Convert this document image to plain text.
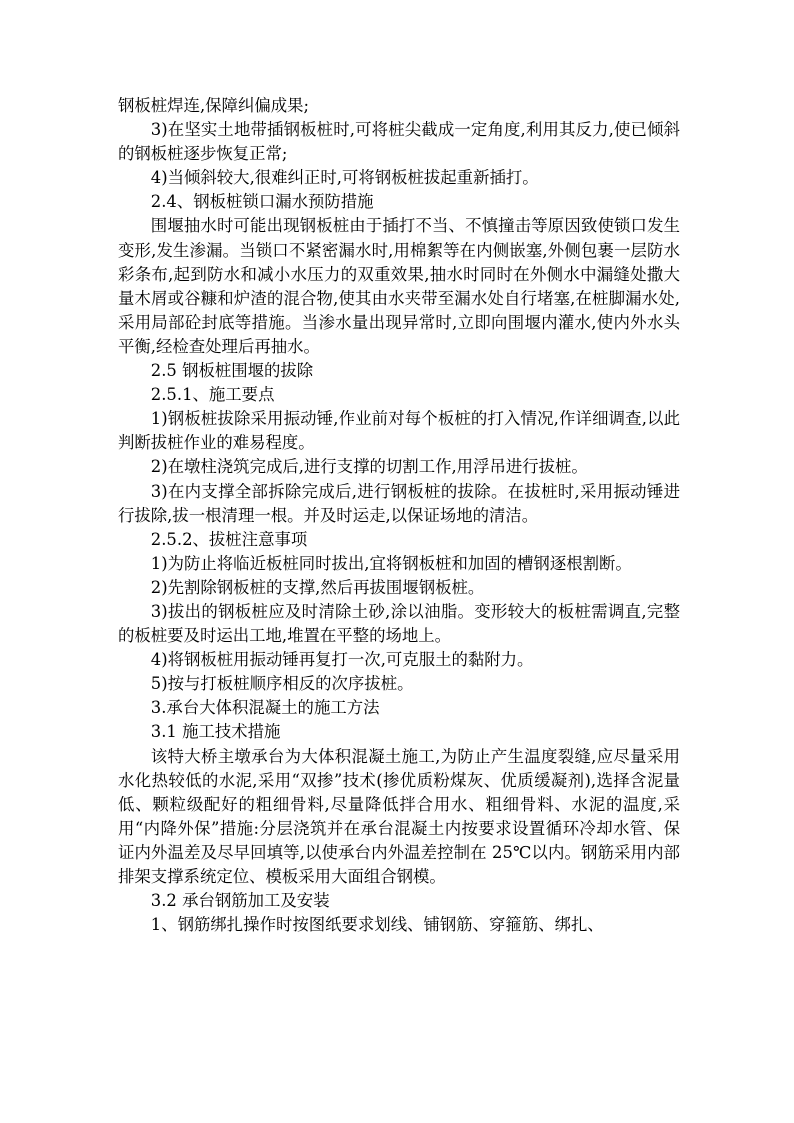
钢板桩焊连,保障纠偏成果;

3)在坚实土地带插钢板桩时,可将桩尖截成一定角度,利用其反力,使已倾斜的钢板桩逐步恢复正常;

4)当倾斜较大,很难纠正时,可将钢板桩拔起重新插打。

2.4、钢板桩锁口漏水预防措施

围堰抽水时可能出现钢板桩由于插打不当、不慎撞击等原因致使锁口发生变形,发生渗漏。当锁口不紧密漏水时,用棉絮等在内侧嵌塞,外侧包裹一层防水彩条布,起到防水和减小水压力的双重效果,抽水时同时在外侧水中漏缝处撒大量木屑或谷糠和炉渣的混合物,使其由水夹带至漏水处自行堵塞,在桩脚漏水处,采用局部砼封底等措施。当渗水量出现异常时,立即向围堰内灌水,使内外水头平衡,经检查处理后再抽水。

2.5 钢板桩围堰的拔除

2.5.1、施工要点

1)钢板桩拔除采用振动锤,作业前对每个板桩的打入情况,作详细调查,以此判断拔桩作业的难易程度。

2)在墩柱浇筑完成后,进行支撑的切割工作,用浮吊进行拔桩。

3)在内支撑全部拆除完成后,进行钢板桩的拔除。在拔桩时,采用振动锤进行拔除,拔一根清理一根。并及时运走,以保证场地的清洁。

2.5.2、拔桩注意事项

1)为防止将临近板桩同时拔出,宜将钢板桩和加固的槽钢逐根割断。

2)先割除钢板桩的支撑,然后再拔围堰钢板桩。

3)拔出的钢板桩应及时清除土砂,涂以油脂。变形较大的板桩需调直,完整的板桩要及时运出工地,堆置在平整的场地上。

4)将钢板桩用振动锤再复打一次,可克服土的黏附力。

5)按与打板桩顺序相反的次序拔桩。

3.承台大体积混凝土的施工方法

3.1 施工技术措施

该特大桥主墩承台为大体积混凝土施工,为防止产生温度裂缝,应尽量采用水化热较低的水泥,采用“双掺”技术(掺优质粉煤灰、优质缓凝剂),选择含泥量低、颗粒级配好的粗细骨料,尽量降低拌合用水、粗细骨料、水泥的温度,采用“内降外保”措施:分层浇筑并在承台混凝土内按要求设置循环冷却水管、保证内外温差及尽早回填等,以使承台内外温差控制在 25℃以内。钢筋采用内部排架支撑系统定位、模板采用大面组合钢模。

3.2 承台钢筋加工及安装

1、钢筋绑扎操作时按图纸要求划线、铺钢筋、穿箍筋、绑扎、
